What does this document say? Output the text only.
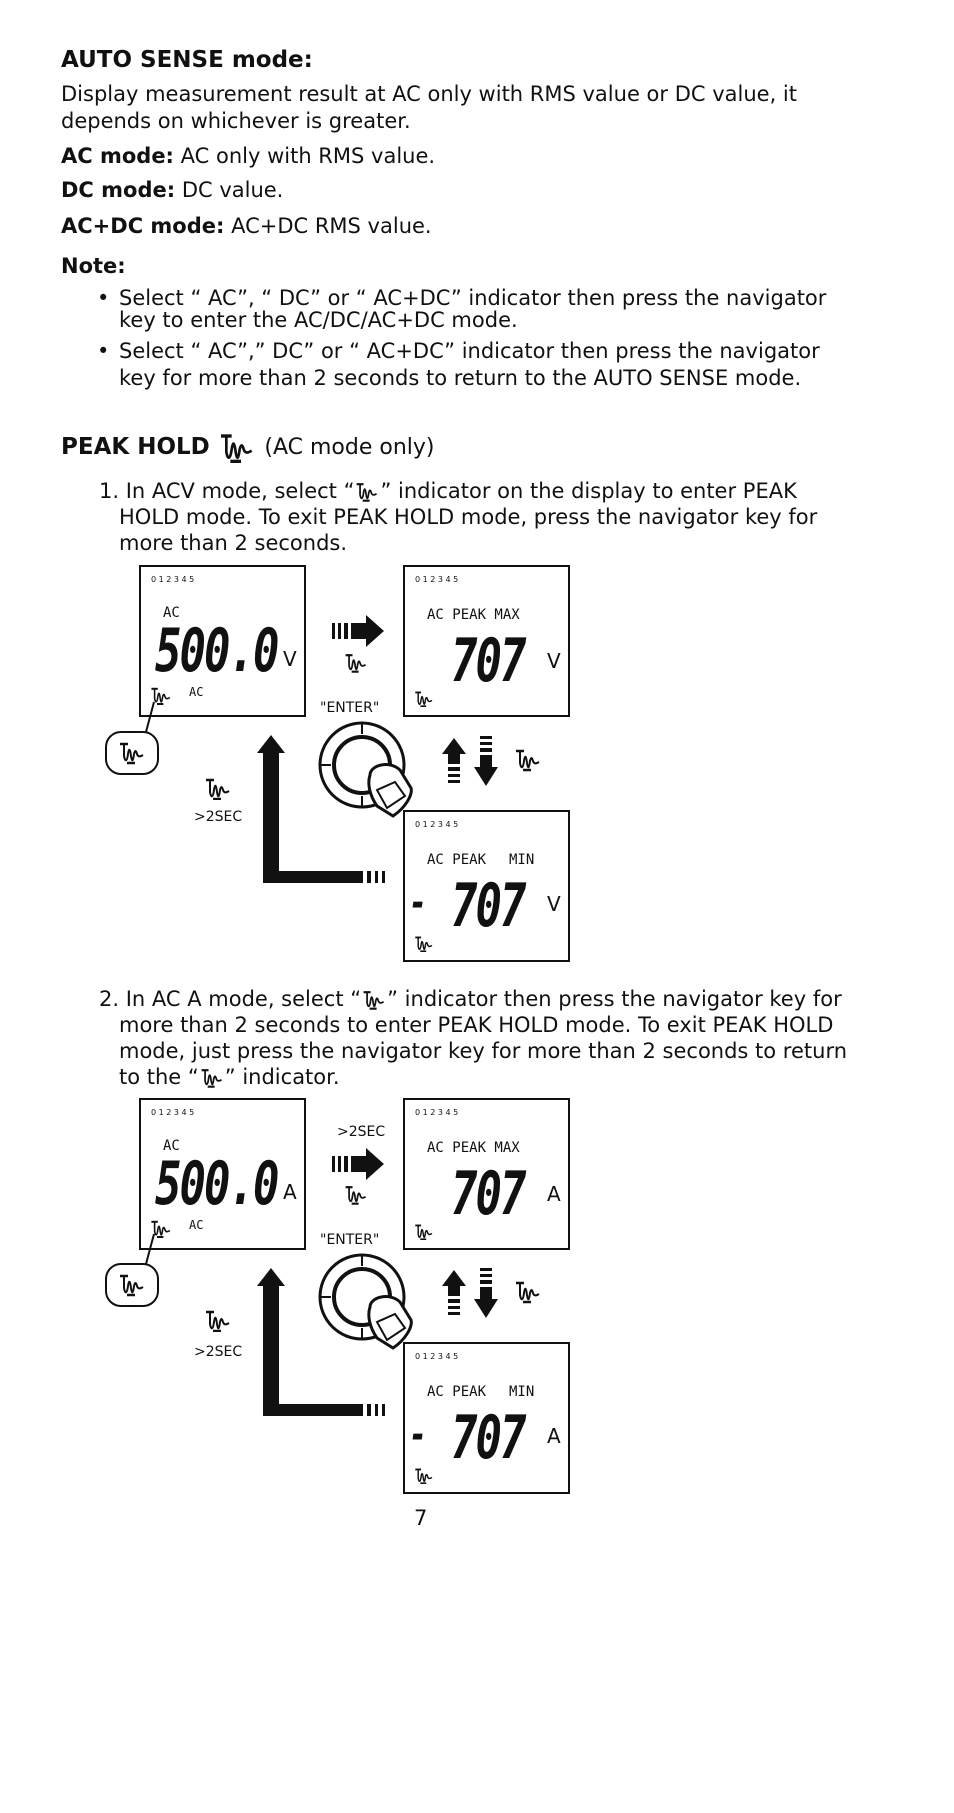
AUTO SENSE mode:
Display measurement result at AC only with RMS value or DC value, it
depends on whichever is greater.
AC mode: AC only with RMS value.
DC mode: DC value.
AC+DC mode: AC+DC RMS value.
Note:
• Select “ AC”, “ DC” or “ AC+DC” indicator then press the navigator
key to enter the AC/DC/AC+DC mode.
• Select “ AC”,” DC” or “ AC+DC” indicator then press the navigator
key for more than 2 seconds to return to the AUTO SENSE mode.
PEAK HOLD (AC mode only)
1. In ACV mode, select “ ” indicator on the display to enter PEAK
HOLD mode. To exit PEAK HOLD mode, press the navigator key for
more than 2 seconds.
0 1 2 3 4 5
AC
500.0 V
AC
"ENTER"
0 1 2 3 4 5
AC PEAK MAX
707 V
>2SEC	0 1 2 3 4 5
AC PEAK MIN
- 707 V
2. In AC A mode, select “ ” indicator then press the navigator key for
more than 2 seconds to enter PEAK HOLD mode. To exit PEAK HOLD
mode, just press the navigator key for more than 2 seconds to return
to the “ ” indicator.
0 1 2 3 4 5
AC
500.0 A
AC
>2SEC
"ENTER"
0 1 2 3 4 5
AC PEAK MAX
707 A
>2SEC	0 1 2 3 4 5
AC PEAK MIN
- 707 A
7
